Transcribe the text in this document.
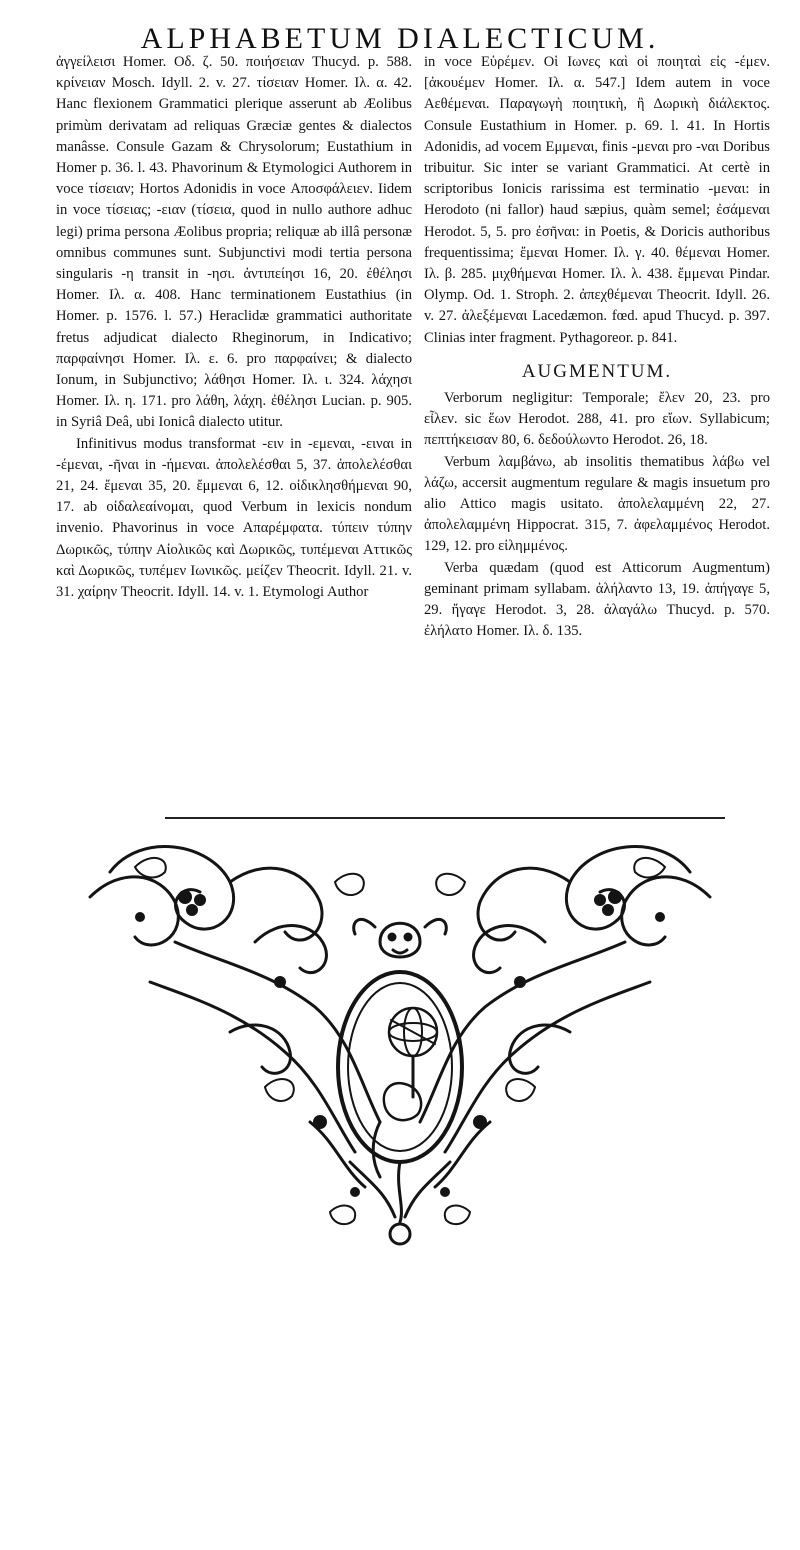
ALPHABETUM DIALECTICUM.

ἀγγείλεισι Homer. Οδ. ζ. 50. ποιήσειαν Thucyd. p. 588. κρίνειαν Mosch. Idyll. 2. v. 27. τίσειαν Homer. Ιλ. α. 42. Hanc flexionem Grammatici plerique asserunt ab Æolibus primùm derivatam ad reliquas Græciæ gentes & dialectos manâsse. Consule Gazam & Chrysolorum; Eustathium in Homer p. 36. l. 43. Phavorinum & Etymologici Authorem in voce τίσειαν; Hortos Adonidis in voce Αποσφάλειεν. Iidem in voce τίσειας; -ειαν (τίσεια, quod in nullo authore adhuc legi) prima persona Æolibus propria; reliquæ ab illâ personæ omnibus communes sunt. Subjunctivi modi tertia persona singularis -η transit in -ησι. ἀντιπείησι 16, 20. ἐθέλησι Homer. Ιλ. α. 408. Hanc terminationem Eustathius (in Homer. p. 1576. l. 57.) Heraclidæ grammatici authoritate fretus adjudicat dialecto Rheginorum, in Indicativo; παρφαίνησι Homer. Ιλ. ε. 6. pro παρφαίνει; & dialecto Ionum, in Subjunctivo; λάθησι Homer. Ιλ. ι. 324. λάχησι Homer. Ιλ. η. 171. pro λάθη, λάχη. ἐθέλησι Lucian. p. 905. in Syriâ Deâ, ubi Ionicâ dialecto utitur.

Infinitivus modus transformat -ειν in -εμεναι, -ειναι in -έμεναι, -ῆναι in -ήμεναι. ἀπολελέσθαι 5, 37. ἀπολελέσθαι 21, 24. ἔμεναι 35, 20. ἔμμεναι 6, 12. οἰδικλησθήμεναι 90, 17. ab οἰδαλεαίνομαι, quod Verbum in lexicis nondum invenio. Phavorinus in voce Απαρέμφατα. τύπειν τύπην Δωρικῶς, τύπην Αἰολικῶς καὶ Δωρικῶς, τυπέμεναι Αττικῶς καὶ Δωρικῶς, τυπέμεν Ιωνικῶς. μείζεν Theocrit. Idyll. 21. v. 31. χαίρην Theocrit. Idyll. 14. v. 1. Etymologi Author

in voce Εὑρέμεν. Οἱ Ιωνες καὶ οἱ ποιηταὶ εἰς -έμεν. [ἀκουέμεν Homer. Ιλ. α. 547.] Idem autem in voce Αεθέμεναι. Παραγωγὴ ποιητικὴ, ἢ Δωρικὴ διάλεκτος. Consule Eustathium in Homer. p. 69. l. 41. In Hortis Adonidis, ad vocem Εμμεναι, finis -μεναι pro -ναι Doribus tribuitur. Sic inter se variant Grammatici. At certè in scriptoribus Ionicis rarissima est terminatio -μεναι: in Herodoto (ni fallor) haud sæpius, quàm semel; ἐσάμεναι Herodot. 5, 5. pro ἐσῆναι: in Poetis, & Doricis authoribus frequentissima; ἔμεναι Homer. Ιλ. γ. 40. θέμεναι Homer. Ιλ. β. 285. μιχθήμεναι Homer. Ιλ. λ. 438. ἔμμεναι Pindar. Olymp. Od. 1. Stroph. 2. ἀπεχθέμεναι Theocrit. Idyll. 26. v. 27. ἀλεξέμεναι Lacedæmon. fœd. apud Thucyd. p. 397. Clinias inter fragment. Pythagoreor. p. 841.

AUGMENTUM.

Verborum negligitur: Temporale; ἔλεν 20, 23. pro εἶλεν. sic ἕων Herodot. 288, 41. pro εἴων. Syllabicum; πεπτήκεισαν 80, 6. δεδούλωντο Herodot. 26, 18.

Verbum λαμβάνω, ab insolitis thematibus λάβω vel λάζω, accersit augmentum regulare & magis insuetum pro alio Attico magis usitato. ἀπολελαμμένη 22, 27. ἀπολελαμμένη Hippocrat. 315, 7. ἀφελαμμένος Herodot. 129, 12. pro εἰλημμένος.

Verba quædam (quod est Atticorum Augmentum) geminant primam syllabam. ἀλήλαντο 13, 19. ἀπήγαγε 5, 29. ἤγαγε Herodot. 3, 28. ἀλαγάλω Thucyd. p. 570. ἐλήλατο Homer. Ιλ. δ. 135.
